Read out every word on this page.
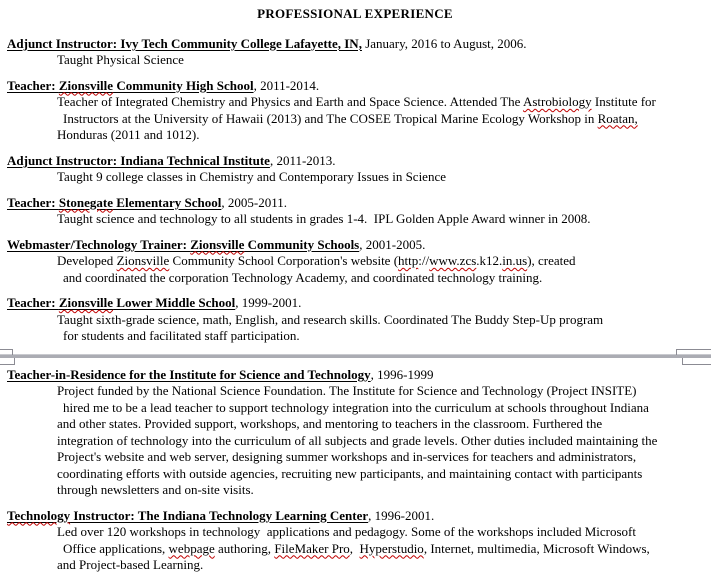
PROFESSIONAL EXPERIENCE
Adjunct Instructor: Ivy Tech Community College Lafayette, IN, January, 2016 to August, 2006.
Taught Physical Science
Teacher: Zionsville Community High School, 2011-2014.
Teacher of Integrated Chemistry and Physics and Earth and Space Science. Attended The Astrobiology Institute for
Instructors at the University of Hawaii (2013) and The COSEE Tropical Marine Ecology Workshop in Roatan,
Honduras (2011 and 1012).
Adjunct Instructor: Indiana Technical Institute, 2011-2013.
Taught 9 college classes in Chemistry and Contemporary Issues in Science
Teacher: Stonegate Elementary School, 2005-2011.
Taught science and technology to all students in grades 1-4.  IPL Golden Apple Award winner in 2008.
Webmaster/Technology Trainer: Zionsville Community Schools, 2001-2005.
Developed Zionsville Community School Corporation's website (http://www.zcs.k12.in.us), created
and coordinated the corporation Technology Academy, and coordinated technology training.
Teacher: Zionsville Lower Middle School, 1999-2001.
Taught sixth-grade science, math, English, and research skills. Coordinated The Buddy Step-Up program
for students and facilitated staff participation.
Teacher-in-Residence for the Institute for Science and Technology, 1996-1999
Project funded by the National Science Foundation. The Institute for Science and Technology (Project INSITE)
hired me to be a lead teacher to support technology integration into the curriculum at schools throughout Indiana
and other states. Provided support, workshops, and mentoring to teachers in the classroom. Furthered the
integration of technology into the curriculum of all subjects and grade levels. Other duties included maintaining the
Project's website and web server, designing summer workshops and in-services for teachers and administrators,
coordinating efforts with outside agencies, recruiting new participants, and maintaining contact with participants
through newsletters and on-site visits.
Technology Instructor: The Indiana Technology Learning Center, 1996-2001.
Led over 120 workshops in technology  applications and pedagogy. Some of the workshops included Microsoft
Office applications, webpage authoring, FileMaker Pro,  Hyperstudio, Internet, multimedia, Microsoft Windows,
and Project-based Learning.
